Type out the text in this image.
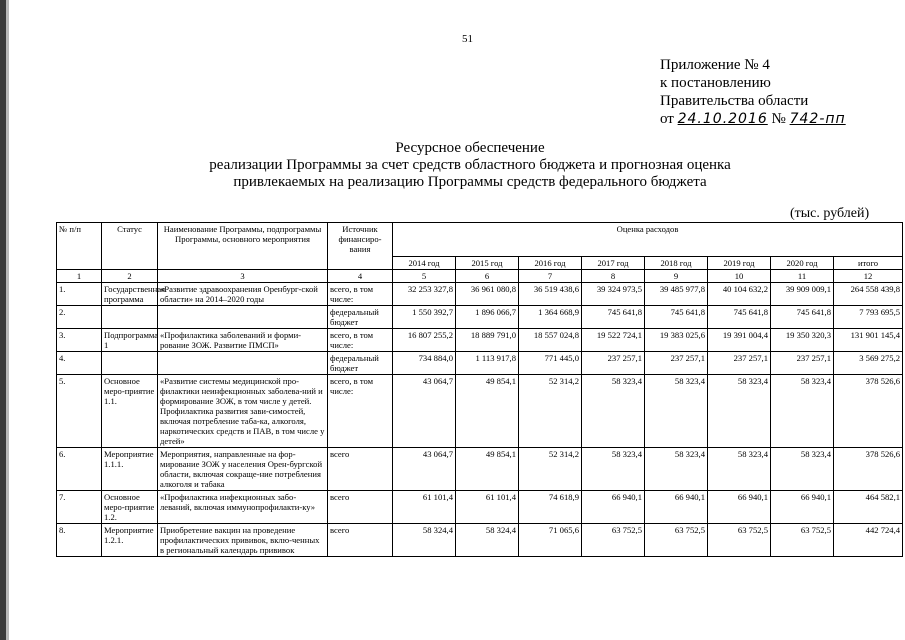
51
Приложение № 4
к постановлению
Правительства области
от 24.10.2016 № 742-пп
Ресурсное обеспечение
реализации Программы за счет средств областного бюджета и прогнозная оценка
привлекаемых на реализацию Программы средств федерального бюджета
(тыс. рублей)
№ п/п	Статус	Наименование Программы, подпрограммы Программы, основного мероприятия	Источник финансиро-вания	Оценка расходов							
				2014 год	2015 год	2016 год	2017 год	2018 год	2019 год	2020 год	итого
1	2	3	4	5	6	7	8	9	10	11	12
1.	Государственная программа	«Развитие здравоохранения Оренбург-ской области» на 2014–2020 годы	всего, в том числе:	32 253 327,8	36 961 080,8	36 519 438,6	39 324 973,5	39 485 977,8	40 104 632,2	39 909 009,1	264 558 439,8
2.			федеральный бюджет	1 550 392,7	1 896 066,7	1 364 668,9	745 641,8	745 641,8	745 641,8	745 641,8	7 793 695,5
3.	Подпрограмма 1	«Профилактика заболеваний и форми-рование ЗОЖ. Развитие ПМСП»	всего, в том числе:	16 807 255,2	18 889 791,0	18 557 024,8	19 522 724,1	19 383 025,6	19 391 004,4	19 350 320,3	131 901 145,4
4.			федеральный бюджет	734 884,0	1 113 917,8	771 445,0	237 257,1	237 257,1	237 257,1	237 257,1	3 569 275,2
5.	Основное меро-приятие 1.1.	«Развитие системы медицинской про-филактики неинфекционных заболева-ний и формирование ЗОЖ, в том числе у детей. Профилактика развития зави-симостей, включая потребление таба-ка, алкоголя, наркотических средств и ПАВ, в том числе у детей»	всего, в том числе:	43 064,7	49 854,1	52 314,2	58 323,4	58 323,4	58 323,4	58 323,4	378 526,6
6.	Мероприятие 1.1.1.	Мероприятия, направленные на фор-мирование ЗОЖ у населения Орен-бургской области, включая сокраще-ние потребления алкоголя и табака	всего	43 064,7	49 854,1	52 314,2	58 323,4	58 323,4	58 323,4	58 323,4	378 526,6
7.	Основное меро-приятие 1.2.	«Профилактика инфекционных забо-леваний, включая иммунопрофилакти-ку»	всего	61 101,4	61 101,4	74 618,9	66 940,1	66 940,1	66 940,1	66 940,1	464 582,1
8.	Мероприятие 1.2.1.	Приобретение вакцин на проведение профилактических прививок, вклю-ченных в региональный календарь прививок	всего	58 324,4	58 324,4	71 065,6	63 752,5	63 752,5	63 752,5	63 752,5	442 724,4
